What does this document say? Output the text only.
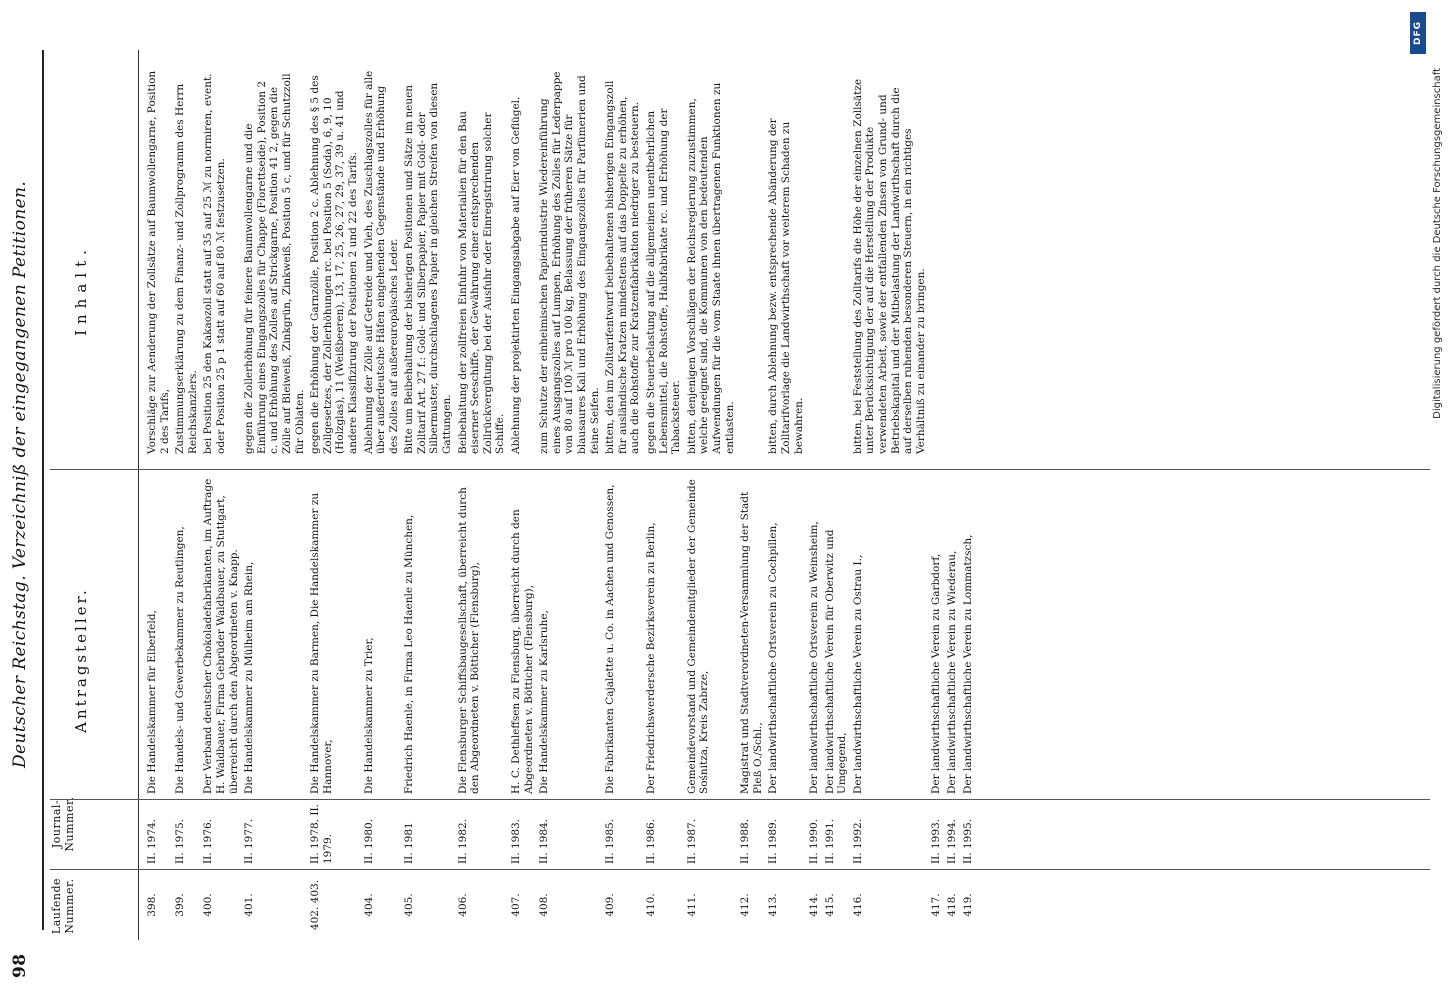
98
Deutscher Reichstag. Verzeichniß der eingegangenen Petitionen.
Laufende Nummer.
Journal- Nummer.
Antragsteller.
Inhalt.
398.
II. 1974.
Die Handelskammer für Elberfeld,
Vorschläge zur Aenderung der Zollsätze auf Baumwollengarne, Position 2 des Tarifs,
399.
II. 1975.
Die Handels- und Gewerbekammer zu Reutlingen,
Zustimmungserklärung zu dem Finanz- und Zollprogramm des Herrn Reichskanzlers.
400.
II. 1976.
Der Verband deutscher Chokoladefabrikanten, im Auftrage H. Waldbauer, Firma Gebrüder Waldbauer, zu Stuttgart, überreicht durch den Abgeordneten v. Knapp.
bei Position 25 den Kakaozoll statt auf 35 auf 25 ℳ zu normiren, event. oder Position 25 p 1 statt auf 60 auf 80 ℳ festzusetzen.
401.
II. 1977.
Die Handelskammer zu Mülheim am Rhein,
gegen die Zollerhöhung für feinere Baumwollengarne und die Einführung eines Eingangszolles für Chappe (Florettseide), Position 2 c. und Erhöhung des Zolles auf Strickgarne, Position 41 2, gegen die Zölle auf Bleiweiß, Zinkgrün, Zinkweiß, Position 5 c, und für Schutzzoll für Oblaten.
402. 403.
II. 1978. II. 1979.
Die Handelskammer zu Barmen, Die Handelskammer zu Hannover,
gegen die Erhöhung der Garnzölle, Position 2 c. Ablehnung des § 5 des Zollgesetzes, der Zollerhöhungen rc. bei Position 5 (Soda), 6, 9, 10 (Holzglas), 11 (Weißbeeren), 13, 17, 25, 26, 27, 29, 37, 39 u. 41 und andere Klassifizirung der Positionen 2 und 22 des Tarifs.
404.
II. 1980.
Die Handelskammer zu Trier,
Ablehnung der Zölle auf Getreide und Vieh, des Zuschlagszolles für alle über außerdeutsche Häfen eingehenden Gegenstände und Erhöhung des Zolles auf außereuropäisches Leder.
405.
II. 1981
Friedrich Haenle, in Firma Leo Haenle zu München,
Bitte um Beibehaltung der bisherigen Positionen und Sätze im neuen Zolltarif Art. 27 f.: Gold- und Silberpapier, Papier mit Gold- oder Silbermuster, durchschlagenes Papier in gleichen Streifen von diesen Gattungen.
406.
II. 1982.
Die Flensburger Schiffsbaugesellschaft, überreicht durch den Abgeordneten v. Bötticher (Flensburg),
Beibehaltung der zollfreien Einfuhr von Materialien für den Bau eiserner Seeschiffe, der Gewährung einer entsprechenden Zollrückvergütung bei der Ausfuhr oder Einregistrirung solcher Schiffe.
407.
II. 1983.
H. C. Dethleffsen zu Flensburg, überreicht durch den Abgeordneten v. Bötticher (Flensburg),
Ablehnung der projektirten Eingangsabgabe auf Eier von Geflügel.
408.
II. 1984.
Die Handelskammer zu Karlsruhe,
zum Schutze der einheimischen Papierindustrie Wiedereinführung eines Ausgangszolles auf Lumpen, Erhöhung des Zolles für Lederpappe von 80 auf 100 ℳ pro 100 kg, Belassung der früheren Sätze für blausaures Kali und Erhöhung des Eingangszolles für Parfümerien und feine Seifen.
409.
II. 1985.
Die Fabrikanten Cajalette u. Co. in Aachen und Genossen,
bitten, den im Zolltarifentwurf beibehaltenen bisherigen Eingangszoll für ausländische Kratzen mindestens auf das Doppelte zu erhöhen, auch die Rohstoffe zur Kratzenfabrikation niedriger zu besteuern.
410.
II. 1986.
Der Friedrichswerdersche Bezirksverein zu Berlin,
gegen die Steuerbelastung auf die allgemeinen unentbehrlichen Lebensmittel, die Rohstoffe, Halbfabrikate rc. und Erhöhung der Tabacksteuer.
411.
II. 1987.
Gemeindevorstand und Gemeindemitglieder der Gemeinde Sośnitza, Kreis Zabrze,
bitten, denjenigen Vorschlägen der Reichsregierung zuzustimmen, welche geeignet sind, die Kommunen von den bedeutenden Aufwendungen für die vom Staate ihnen übertragenen Funktionen zu entlasten.
412.
II. 1988.
Magistrat und Stadtverordneten-Versammlung der Stadt Pleß O./Schl.,
413.
II. 1989.
Der landwirthschaftliche Ortsverein zu Cochpillen,
bitten, durch Ablehnung bezw. entsprechende Abänderung der Zolltarifvorlage die Landwirthschaft vor weiterem Schaden zu bewahren.
414.
II. 1990.
Der landwirthschaftliche Ortsverein zu Weinsheim,
415.
II. 1991.
Der landwirthschaftliche Verein für Oberwitz und Umgegend,
416.
II. 1992.
Der landwirthschaftliche Verein zu Ostrau I.,
bitten, bei Feststellung des Zolltarifs die Höhe der einzelnen Zollsätze unter Berücksichtigung der auf die Herstellung der Produkte verwendeten Arbeit, sowie der entfallenden Zinsen von Grund- und Betriebskapital und der Mitbelastung der Landwirthschaft durch die auf derselben ruhenden besonderen Steuern, in ein richtiges Verhältniß zu einander zu bringen.
417.
II. 1993.
Der landwirthschaftliche Verein zu Garbdorf,
418.
II. 1994.
Der landwirthschaftliche Verein zu Wiederau,
419.
II. 1995.
Der landwirthschaftliche Verein zu Lommatzsch,
DFG
Digitalisierung gefördert durch die Deutsche Forschungsgemeinschaft
